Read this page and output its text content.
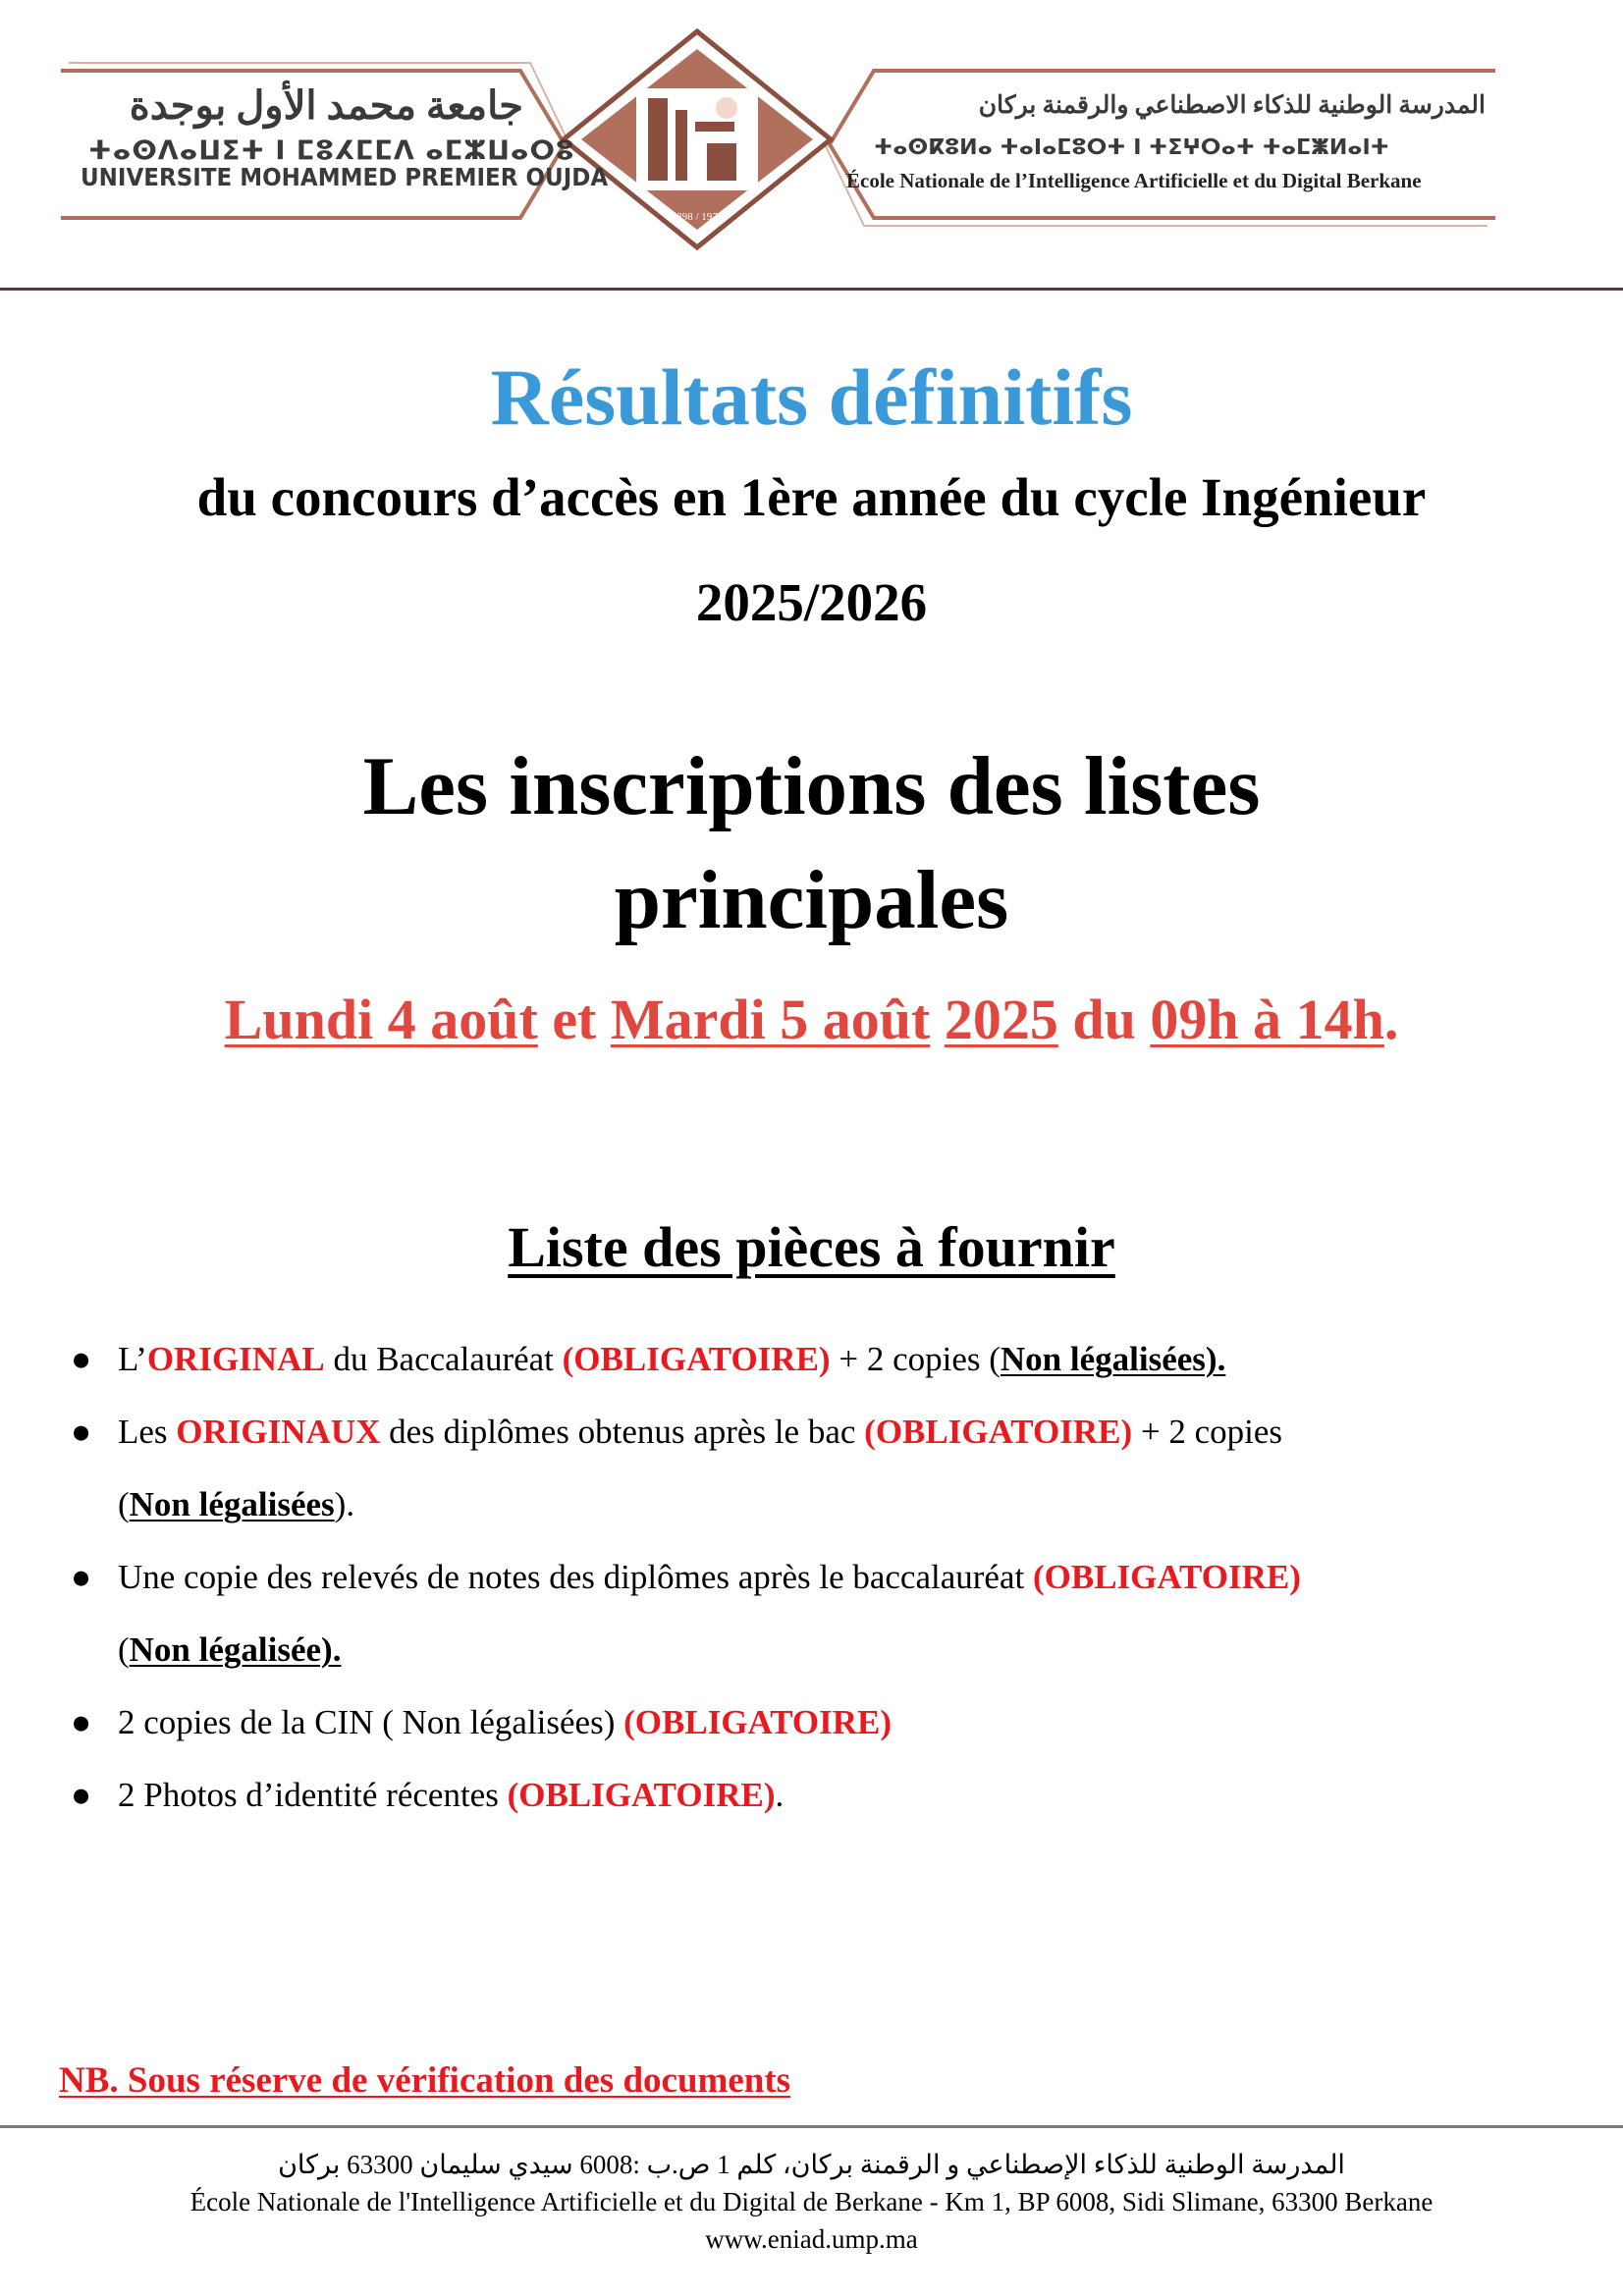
1398 / 1978
جامعة محمد الأول بوجدة
ⵜⴰⵙⴷⴰⵡⵉⵜ ⵏ ⵎⵓⵃⵎⵎⴷ ⴰⵎⵣⵡⴰⵔⵓ
UNIVERSITE MOHAMMED PREMIER OUJDA
المدرسة الوطنية للذكاء الاصطناعي والرقمنة بركان
ⵜⴰⵙⴽⵓⵍⴰ ⵜⴰⵏⴰⵎⵓⵔⵜ ⵏ ⵜⵉⵖⵔⴰⵜ ⵜⴰⵎⵥⵍⴰⵏⵜ
École Nationale de l’Intelligence Artificielle et du Digital Berkane
Résultats définitifs
du concours d’accès en 1ère année du cycle Ingénieur
2025/2026
Les inscriptions des listes
principales
Lundi 4 août et Mardi 5 août 2025 du 09h à 14h.
Liste des pièces à fournir
● L’ORIGINAL du Baccalauréat (OBLIGATOIRE) + 2 copies (Non légalisées).
● Les ORIGINAUX des diplômes obtenus après le bac (OBLIGATOIRE) + 2 copies
(Non légalisées).
● Une copie des relevés de notes des diplômes après le baccalauréat (OBLIGATOIRE)
(Non légalisée).
● 2 copies de la CIN ( Non légalisées) (OBLIGATOIRE)
● 2 Photos d’identité récentes (OBLIGATOIRE).
NB. Sous réserve de vérification des documents
المدرسة الوطنية للذكاء الإصطناعي و الرقمنة بركان، كلم 1 ص.ب :6008 سيدي سليمان 63300 بركان
École Nationale de l'Intelligence Artificielle et du Digital de Berkane - Km 1, BP 6008, Sidi Slimane, 63300 Berkane
www.eniad.ump.ma
